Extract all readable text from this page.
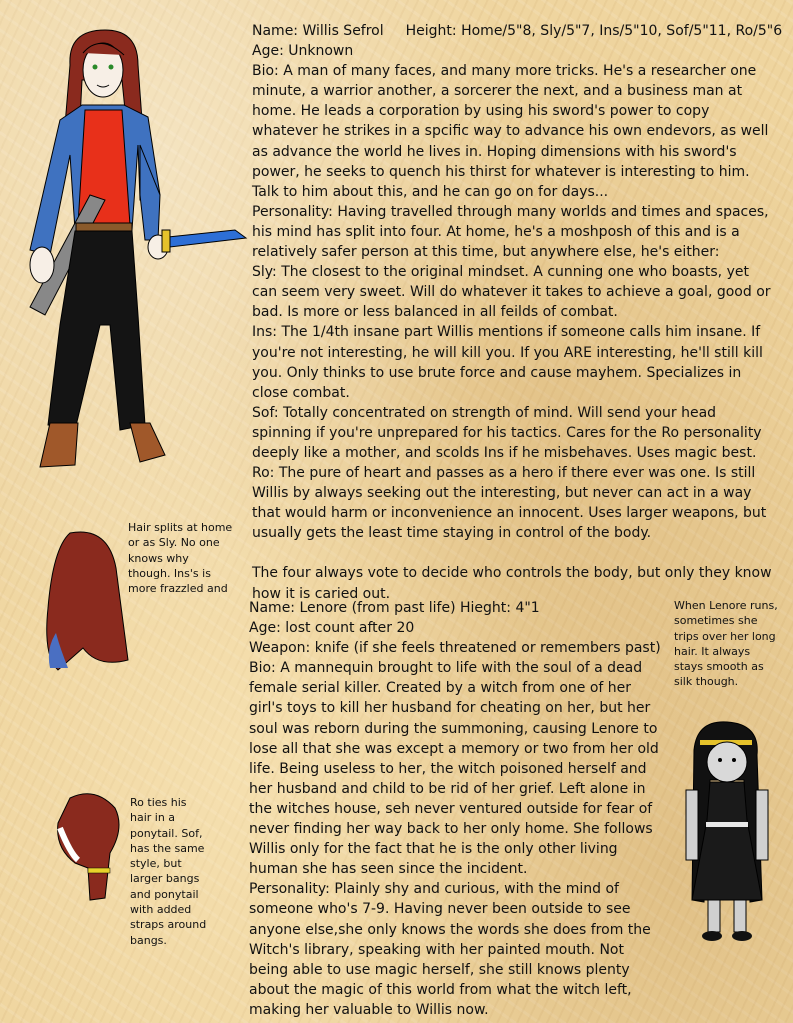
Name: Willis Sefrol Height: Home/5"8, Sly/5"7, Ins/5"10, Sof/5"11, Ro/5"6

Age: Unknown

Bio: A man of many faces, and many more tricks. He's a researcher one minute, a warrior another, a sorcerer the next, and a business man at home. He leads a corporation by using his sword's power to copy whatever he strikes in a spcific way to advance his own endevors, as well as advance the world he lives in. Hoping dimensions with his sword's power, he seeks to quench his thirst for whatever is interesting to him. Talk to him about this, and he can go on for days...

Personality: Having travelled through many worlds and times and spaces, his mind has split into four. At home, he's a moshposh of this and is a relatively safer person at this time, but anywhere else, he's either:

Sly: The closest to the original mindset. A cunning one who boasts, yet can seem very sweet. Will do whatever it takes to achieve a goal, good or bad. Is more or less balanced in all feilds of combat.

Ins: The 1/4th insane part Willis mentions if someone calls him insane. If you're not interesting, he will kill you. If you ARE interesting, he'll still kill you. Only thinks to use brute force and cause mayhem. Specializes in close combat.

Sof: Totally concentrated on strength of mind. Will send your head spinning if you're unprepared for his tactics. Cares for the Ro personality deeply like a mother, and scolds Ins if he misbehaves. Uses magic best.

Ro: The pure of heart and passes as a hero if there ever was one. Is still Willis by always seeking out the interesting, but never can act in a way that would harm or inconvenience an innocent. Uses larger weapons, but usually gets the least time staying in control of the body.

The four always vote to decide who controls the body, but only they know how it is caried out.

Hair splits at home or as Sly. No one knows why though. Ins's is more frazzled and
Ro ties his hair in a ponytail. Sof, has the same style, but larger bangs and ponytail with added straps around bangs.

Name: Lenore (from past life) Hieght: 4"1

Age: lost count after 20

Weapon: knife (if she feels threatened or remembers past)

Bio: A mannequin brought to life with the soul of a dead female serial killer. Created by a witch from one of her girl's toys to kill her husband for cheating on her, but her soul was reborn during the summoning, causing Lenore to lose all that she was except a memory or two from her old life. Being useless to her, the witch poisoned herself and her husband and child to be rid of her grief. Left alone in the witches house, seh never ventured outside for fear of never finding her way back to her only home. She follows Willis only for the fact that he is the only other living human she has seen since the incident.

Personality: Plainly shy and curious, with the mind of someone who's 7-9. Having never been outside to see anyone else,she only knows the words she does from the Witch's library, speaking with her painted mouth. Not being able to use magic herself, she still knows plenty about the magic of this world from what the witch left, making her valuable to Willis now.

When Lenore runs, sometimes she trips over her long hair. It always stays smooth as silk though.
